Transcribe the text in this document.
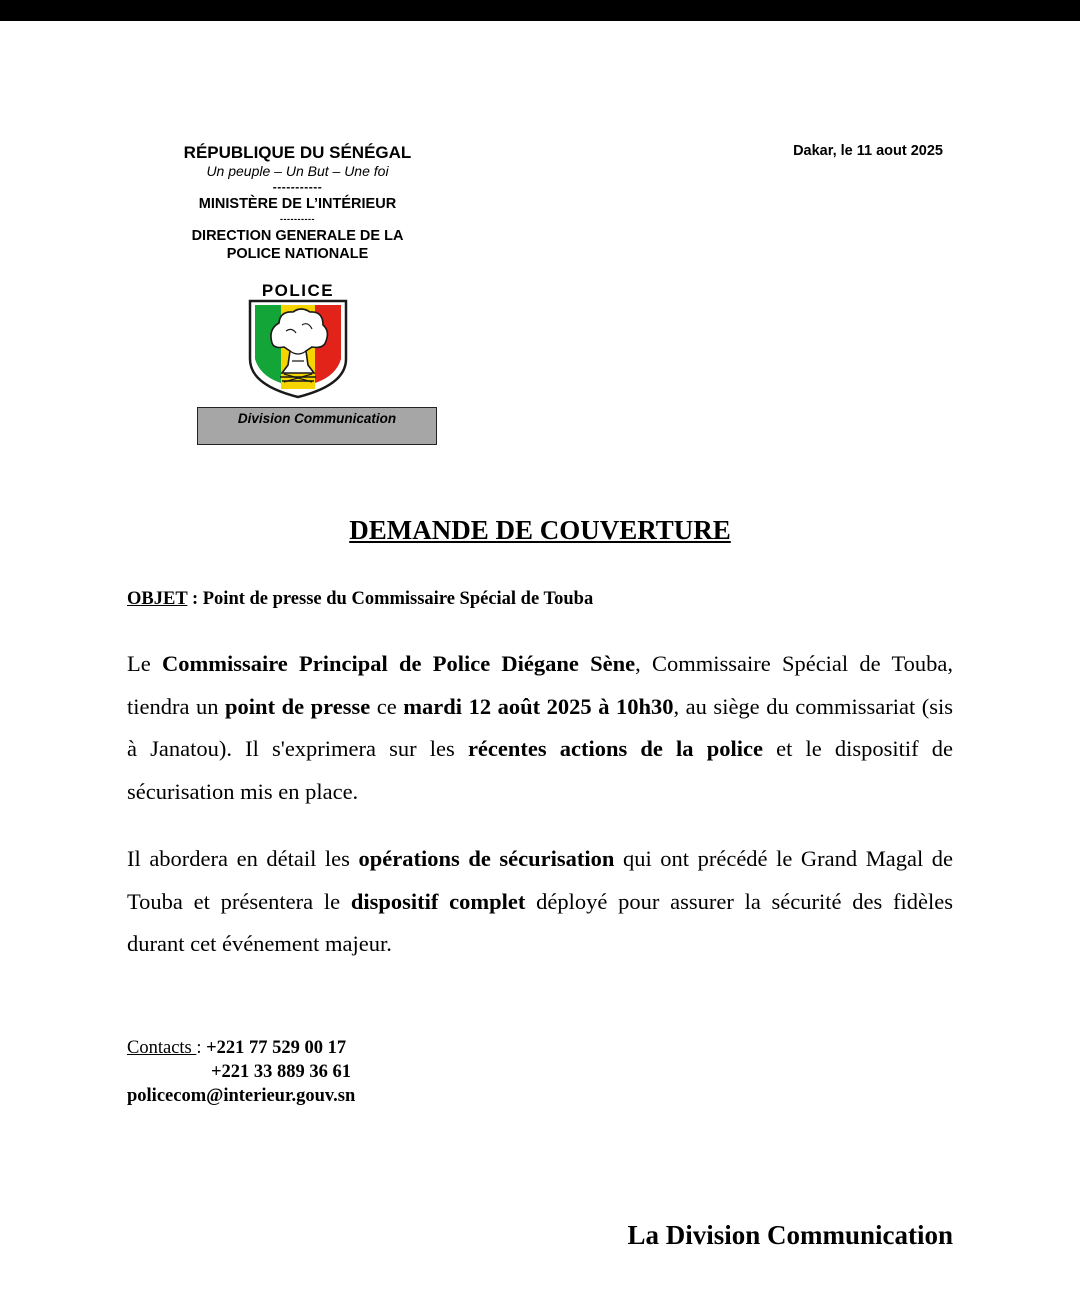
RÉPUBLIQUE DU SÉNÉGAL
Un peuple – Un But – Une foi
-----------
MINISTÈRE DE L’INTÉRIEUR
----------
DIRECTION GENERALE DE LA
POLICE NATIONALE
POLICE
Division Communication
Dakar, le 11 aout 2025
DEMANDE DE COUVERTURE
OBJET : Point de presse du Commissaire Spécial de Touba
Le Commissaire Principal de Police Diégane Sène, Commissaire Spécial de Touba, tiendra un point de presse ce mardi 12 août 2025 à 10h30, au siège du commissariat (sis à Janatou). Il s'exprimera sur les récentes actions de la police et le dispositif de sécurisation mis en place.
Il abordera en détail les opérations de sécurisation qui ont précédé le Grand Magal de Touba et présentera le dispositif complet déployé pour assurer la sécurité des fidèles durant cet événement majeur.
Contacts : +221 77 529 00 17
+221 33 889 36 61
policecom@interieur.gouv.sn
La Division Communication
